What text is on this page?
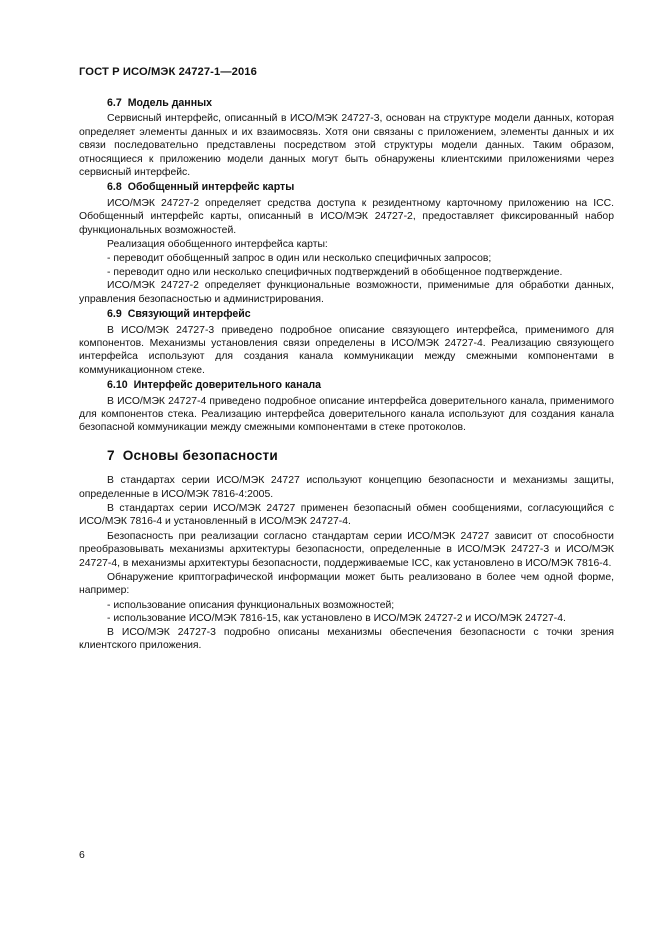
ГОСТ Р ИСО/МЭК 24727-1—2016
6.7 Модель данных

Сервисный интерфейс, описанный в ИСО/МЭК 24727-3, основан на структуре модели данных, которая определяет элементы данных и их взаимосвязь. Хотя они связаны с приложением, элементы данных и их связи последовательно представлены посредством этой структуры модели данных. Таким образом, относящиеся к приложению модели данных могут быть обнаружены клиентскими приложениями через сервисный интерфейс.

6.8 Обобщенный интерфейс карты

ИСО/МЭК 24727-2 определяет средства доступа к резидентному карточному приложению на ICC. Обобщенный интерфейс карты, описанный в ИСО/МЭК 24727-2, предоставляет фиксированный набор функциональных возможностей.

Реализация обобщенного интерфейса карты:

- переводит обобщенный запрос в один или несколько специфичных запросов;

- переводит одно или несколько специфичных подтверждений в обобщенное подтверждение.

ИСО/МЭК 24727-2 определяет функциональные возможности, применимые для обработки данных, управления безопасностью и администрирования.

6.9 Связующий интерфейс

В ИСО/МЭК 24727-3 приведено подробное описание связующего интерфейса, применимого для компонентов. Механизмы установления связи определены в ИСО/МЭК 24727-4. Реализацию связующего интерфейса используют для создания канала коммуникации между смежными компонентами в коммуникационном стеке.

6.10 Интерфейс доверительного канала

В ИСО/МЭК 24727-4 приведено подробное описание интерфейса доверительного канала, применимого для компонентов стека. Реализацию интерфейса доверительного канала используют для создания канала безопасной коммуникации между смежными компонентами в стеке протоколов.

7 Основы безопасности

В стандартах серии ИСО/МЭК 24727 используют концепцию безопасности и механизмы защиты, определенные в ИСО/МЭК 7816-4:2005.

В стандартах серии ИСО/МЭК 24727 применен безопасный обмен сообщениями, согласующийся с ИСО/МЭК 7816-4 и установленный в ИСО/МЭК 24727-4.

Безопасность при реализации согласно стандартам серии ИСО/МЭК 24727 зависит от способности преобразовывать механизмы архитектуры безопасности, определенные в ИСО/МЭК 24727-3 и ИСО/МЭК 24727-4, в механизмы архитектуры безопасности, поддерживаемые ICC, как установлено в ИСО/МЭК 7816-4.

Обнаружение криптографической информации может быть реализовано в более чем одной форме, например:

- использование описания функциональных возможностей;

- использование ИСО/МЭК 7816-15, как установлено в ИСО/МЭК 24727-2 и ИСО/МЭК 24727-4.

В ИСО/МЭК 24727-3 подробно описаны механизмы обеспечения безопасности с точки зрения клиентского приложения.

6
